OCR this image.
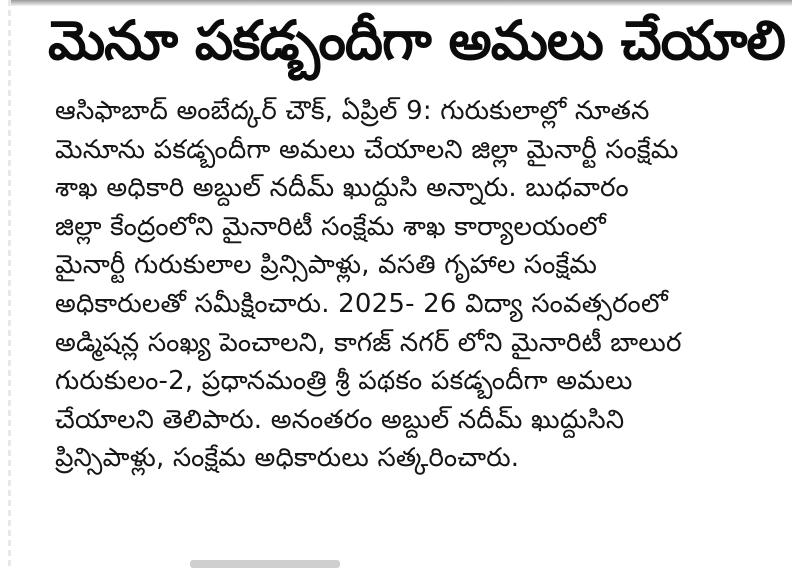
మెనూ పకడ్బందీగా అమలు చేయాలి
ఆసిఫాబాద్ అంబేద్కర్ చౌక్, ఏప్రిల్ 9: గురుకులాల్లో నూతన
మెనూను పకడ్బందీగా అమలు చేయాలని జిల్లా మైనార్టీ సంక్షేమ
శాఖ అధికారి అబ్దుల్ నదీమ్ ఖుద్దుసి అన్నారు. బుధవారం
జిల్లా కేంద్రంలోని మైనారిటీ సంక్షేమ శాఖ కార్యాలయంలో
మైనార్టీ గురుకులాల ప్రిన్సిపాళ్లు, వసతి గృహాల సంక్షేమ
అధికారులతో సమీక్షించారు. 2025- 26 విద్యా సంవత్సరంలో
అడ్మిషన్ల సంఖ్య పెంచాలని, కాగజ్ నగర్ లోని మైనారిటీ బాలుర
గురుకులం-2, ప్రధానమంత్రి శ్రీ పథకం పకడ్బందీగా అమలు
చేయాలని తెలిపారు. అనంతరం అబ్దుల్ నదీమ్ ఖుద్దుసిని
ప్రిన్సిపాళ్లు, సంక్షేమ అధికారులు సత్కరించారు.
